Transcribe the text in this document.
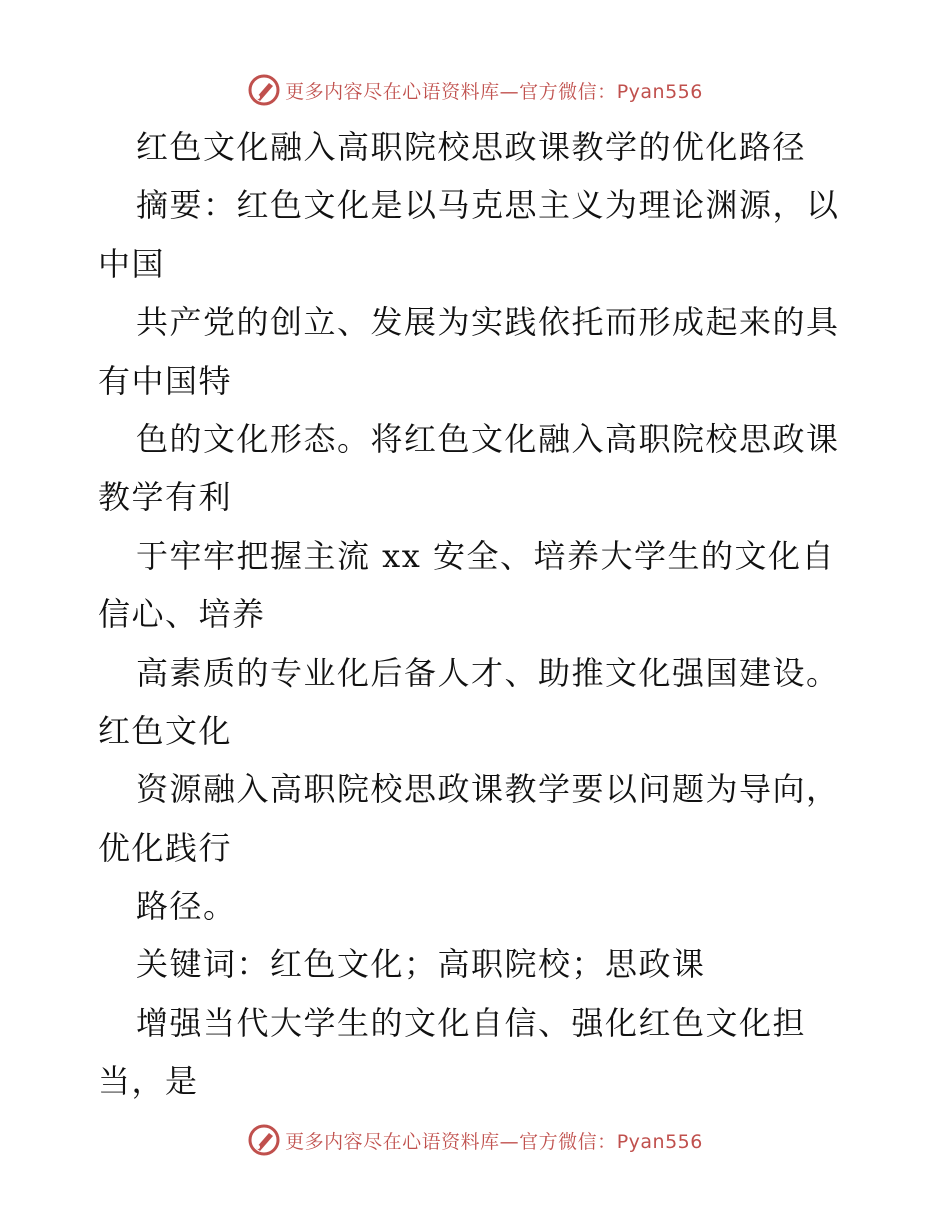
更多内容尽在心语资料库—官方微信：Pyan556
红色文化融入高职院校思政课教学的优化路径
摘要：红色文化是以马克思主义为理论渊源，以
中国
共产党的创立、发展为实践依托而形成起来的具
有中国特
色的文化形态。将红色文化融入高职院校思政课
教学有利
于牢牢把握主流 xx 安全、培养大学生的文化自
信心、培养
高素质的专业化后备人才、助推文化强国建设。
红色文化
资源融入高职院校思政课教学要以问题为导向，
优化践行
路径。
关键词：红色文化；高职院校；思政课
增强当代大学生的文化自信、强化红色文化担
当，是
更多内容尽在心语资料库—官方微信：Pyan556
